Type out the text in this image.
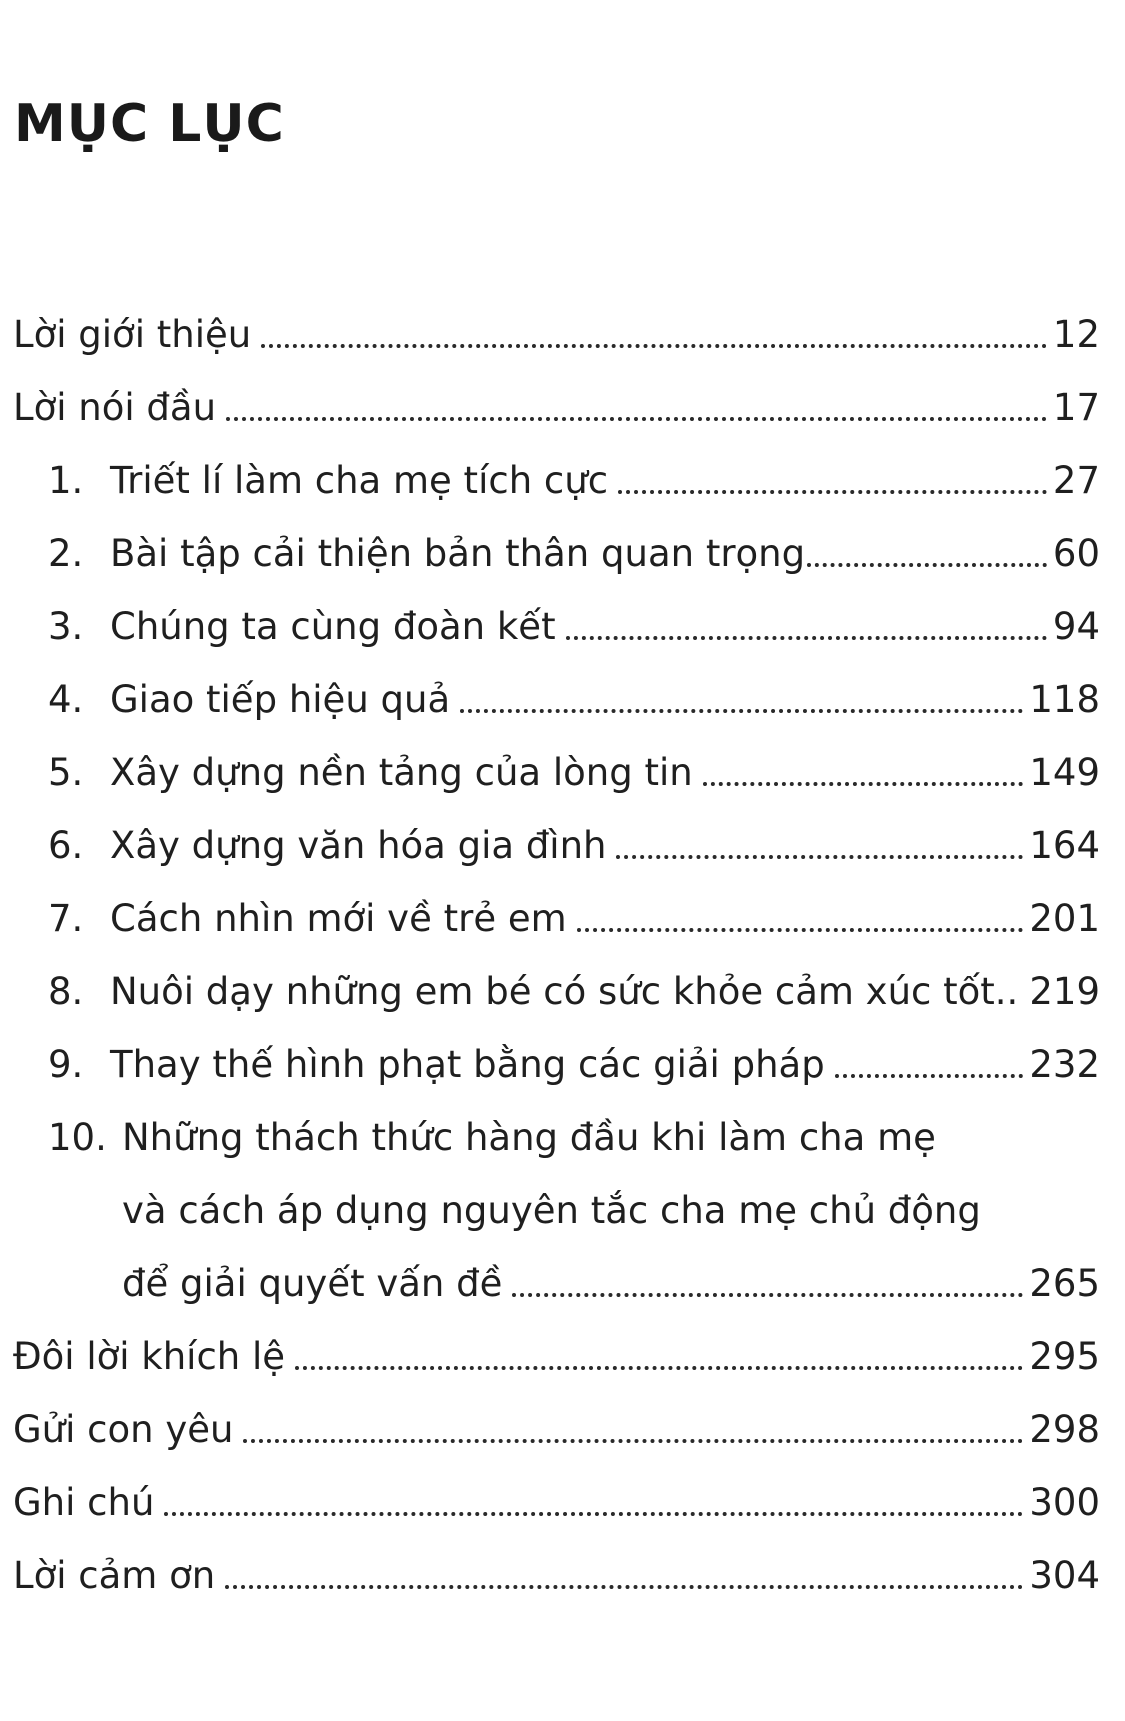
MỤC LỤC
Lời giới thiệu	12
Lời nói đầu	17
1. Triết lí làm cha mẹ tích cực	27
2. Bài tập cải thiện bản thân quan trọng	60
3. Chúng ta cùng đoàn kết	94
4. Giao tiếp hiệu quả	118
5. Xây dựng nền tảng của lòng tin	149
6. Xây dựng văn hóa gia đình	164
7. Cách nhìn mới về trẻ em	201
8. Nuôi dạy những em bé có sức khỏe cảm xúc tốt.. 219
9. Thay thế hình phạt bằng các giải pháp	232
10. Những thách thức hàng đầu khi làm cha mẹ
và cách áp dụng nguyên tắc cha mẹ chủ động
để giải quyết vấn đề	265
Đôi lời khích lệ	295
Gửi con yêu	298
Ghi chú	300
Lời cảm ơn	304
